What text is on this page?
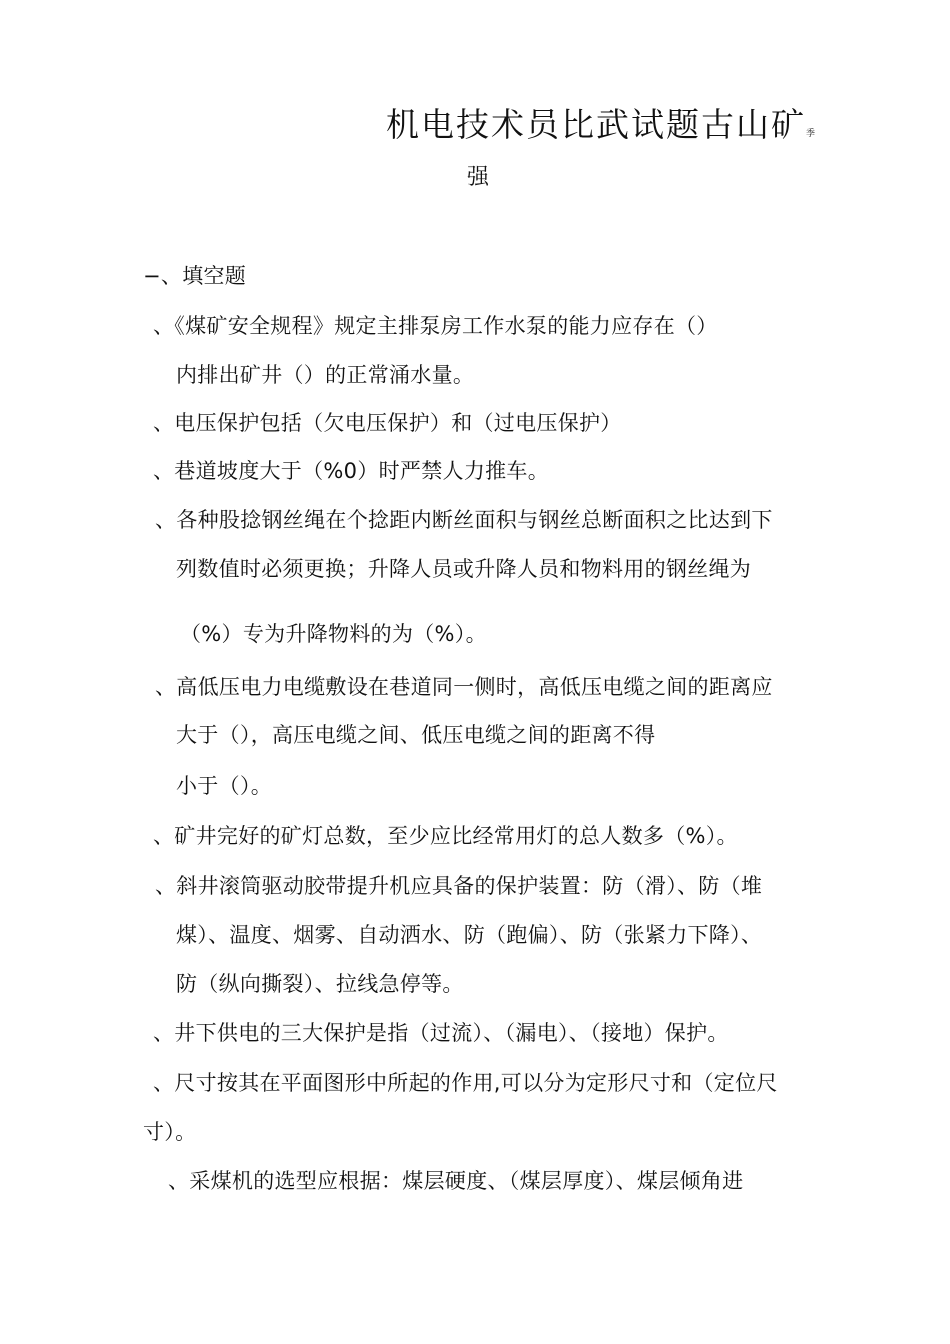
机电技术员比武试题古山矿季
强
−、填空题
、《煤矿安全规程》规定主排泵房工作水泵的能力应存在（）
内排出矿井（）的正常涌水量。
、电压保护包括（欠电压保护）和（过电压保护）
、巷道坡度大于（%0）时严禁人力推车。
、各种股捻钢丝绳在个捻距内断丝面积与钢丝总断面积之比达到下
列数值时必须更换；升降人员或升降人员和物料用的钢丝绳为
（%）专为升降物料的为（%）。
、高低压电力电缆敷设在巷道同一侧时，高低压电缆之间的距离应
大于（），高压电缆之间、低压电缆之间的距离不得
小于（）。
、矿井完好的矿灯总数，至少应比经常用灯的总人数多（%）。
、斜井滚筒驱动胶带提升机应具备的保护装置：防（滑）、防（堆
煤）、温度、烟雾、自动洒水、防（跑偏）、防（张紧力下降）、
防（纵向撕裂）、拉线急停等。
、井下供电的三大保护是指（过流）、（漏电）、（接地）保护。
、尺寸按其在平面图形中所起的作用,可以分为定形尺寸和（定位尺
寸）。
、采煤机的选型应根据：煤层硬度、（煤层厚度）、煤层倾角进
